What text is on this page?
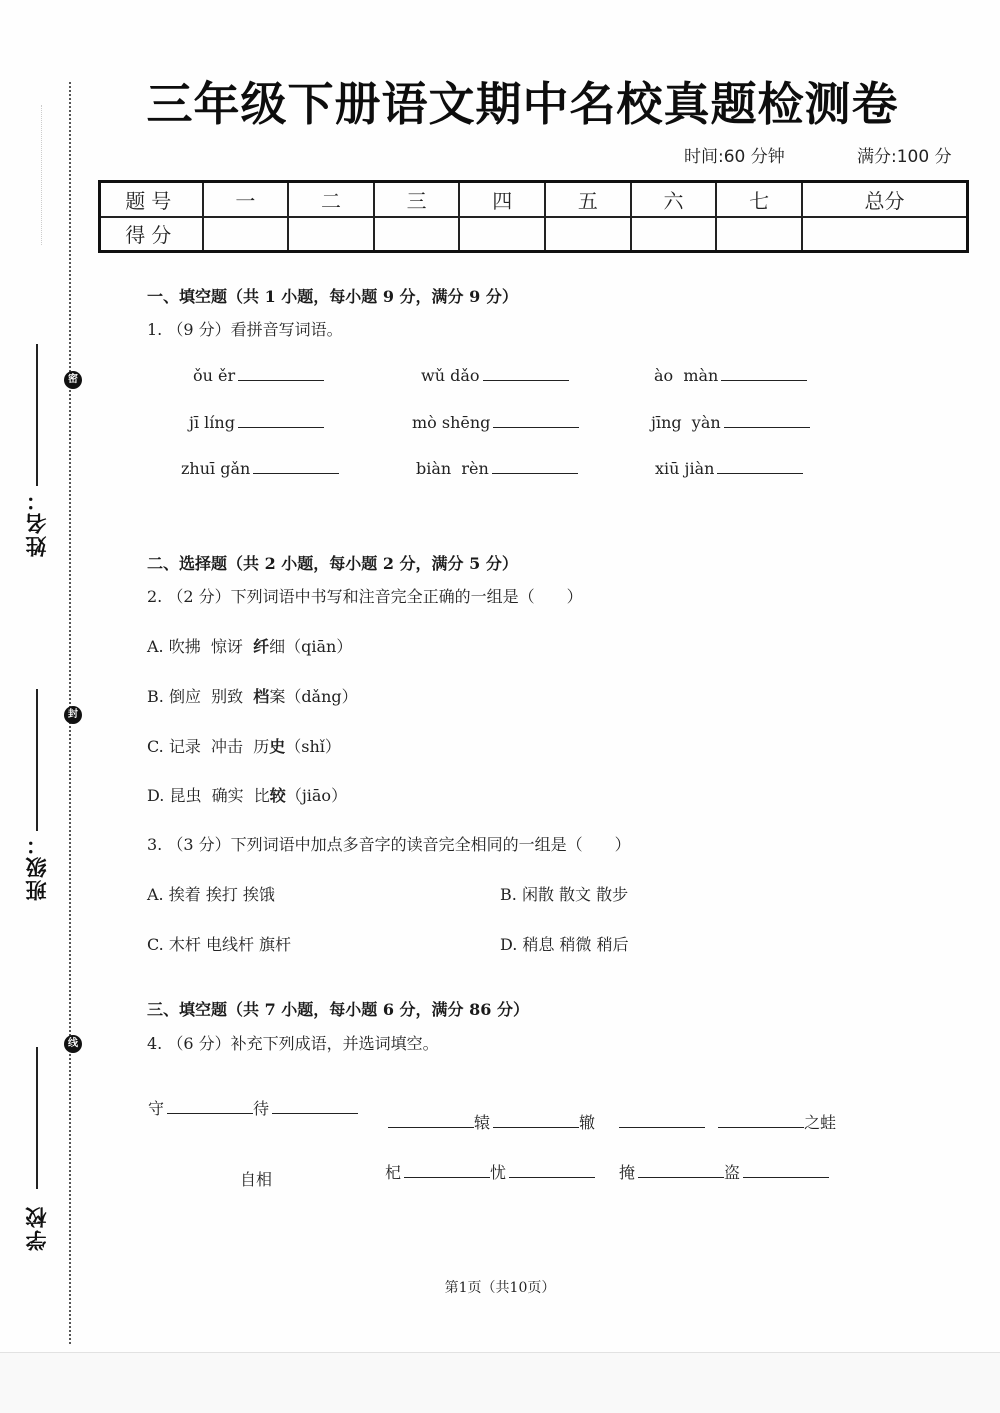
密
封
线
姓名：
班级：
学校
三年级下册语文期中名校真题检测卷
时间:60 分钟	满分:100 分
题号	一	二	三	四	五	六	七	总分
得分								
一、填空题（共 1 小题，每小题 9 分，满分 9 分）
1. （9 分）看拼音写词语。
ǒu ěr	wǔ dǎo	ào  màn
jī líng	mò shēng	jīng  yàn
zhuī gǎn	biàn  rèn	xiū jiàn
二、选择题（共 2 小题，每小题 2 分，满分 5 分）
2. （2 分）下列词语中书写和注音完全正确的一组是（　　）
A. 吹拂  惊讶  纤细（qiān）
B. 倒应  别致  档案（dǎng）
C. 记录  冲击  历史（shǐ）
D. 昆虫  确实  比较（jiāo）
3. （3 分）下列词语中加点多音字的读音完全相同的一组是（　　）
A. 挨着 挨打 挨饿	B. 闲散 散文 散步
C. 木杆 电线杆 旗杆	D. 稍息 稍微 稍后
三、填空题（共 7 小题，每小题 6 分，满分 86 分）
4. （6 分）补充下列成语，并选词填空。
守	待
辕	辙	之蛙
自相	杞	忧	掩	盗
第1页（共10页）
